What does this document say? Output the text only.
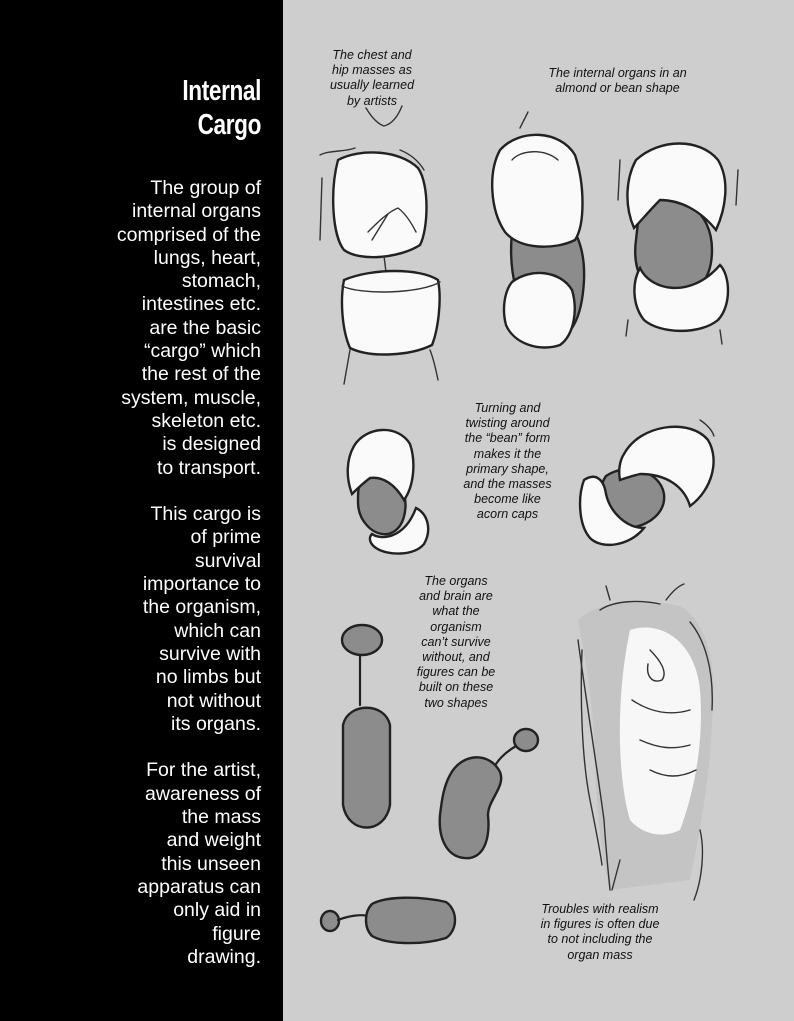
Internal
Cargo

The group of
internal organs
comprised of the
lungs, heart,
stomach,
intestines etc.
are the basic
“cargo” which
the rest of the
system, muscle,
skeleton etc.
is designed
to transport.

This cargo is
of prime
survival
importance to
the organism,
which can
survive with
no limbs but
not without
its organs.

For the artist,
awareness of
the mass
and weight
this unseen
apparatus can
only aid in
figure
drawing.

The chest and
hip masses as
usually learned
by artists
The internal organs in an
almond or bean shape
Turning and
twisting around
the “bean” form
makes it the
primary shape,
and the masses
become like
acorn caps
The organs
and brain are
what the
organism
can’t survive
without, and
figures can be
built on these
two shapes
Troubles with realism
in figures is often due
to not including the
organ mass
